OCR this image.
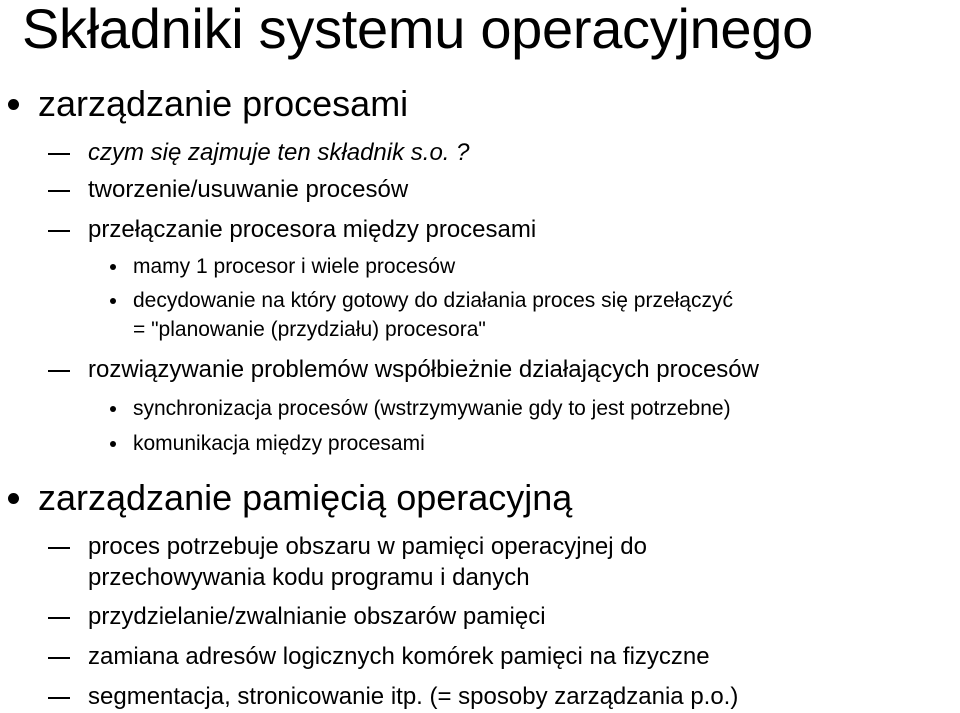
Składniki systemu operacyjnego
zarządzanie procesami
czym się zajmuje ten składnik s.o. ?
tworzenie/usuwanie procesów
przełączanie procesora między procesami
mamy 1 procesor i wiele procesów
decydowanie na który gotowy do działania proces się przełączyć
= "planowanie (przydziału) procesora"
rozwiązywanie problemów współbieżnie działających procesów
synchronizacja procesów (wstrzymywanie gdy to jest potrzebne)
komunikacja między procesami
zarządzanie pamięcią operacyjną
proces potrzebuje obszaru w pamięci operacyjnej do
przechowywania kodu programu i danych
przydzielanie/zwalnianie obszarów pamięci
zamiana adresów logicznych komórek pamięci na fizyczne
segmentacja, stronicowanie itp. (= sposoby zarządzania p.o.)
